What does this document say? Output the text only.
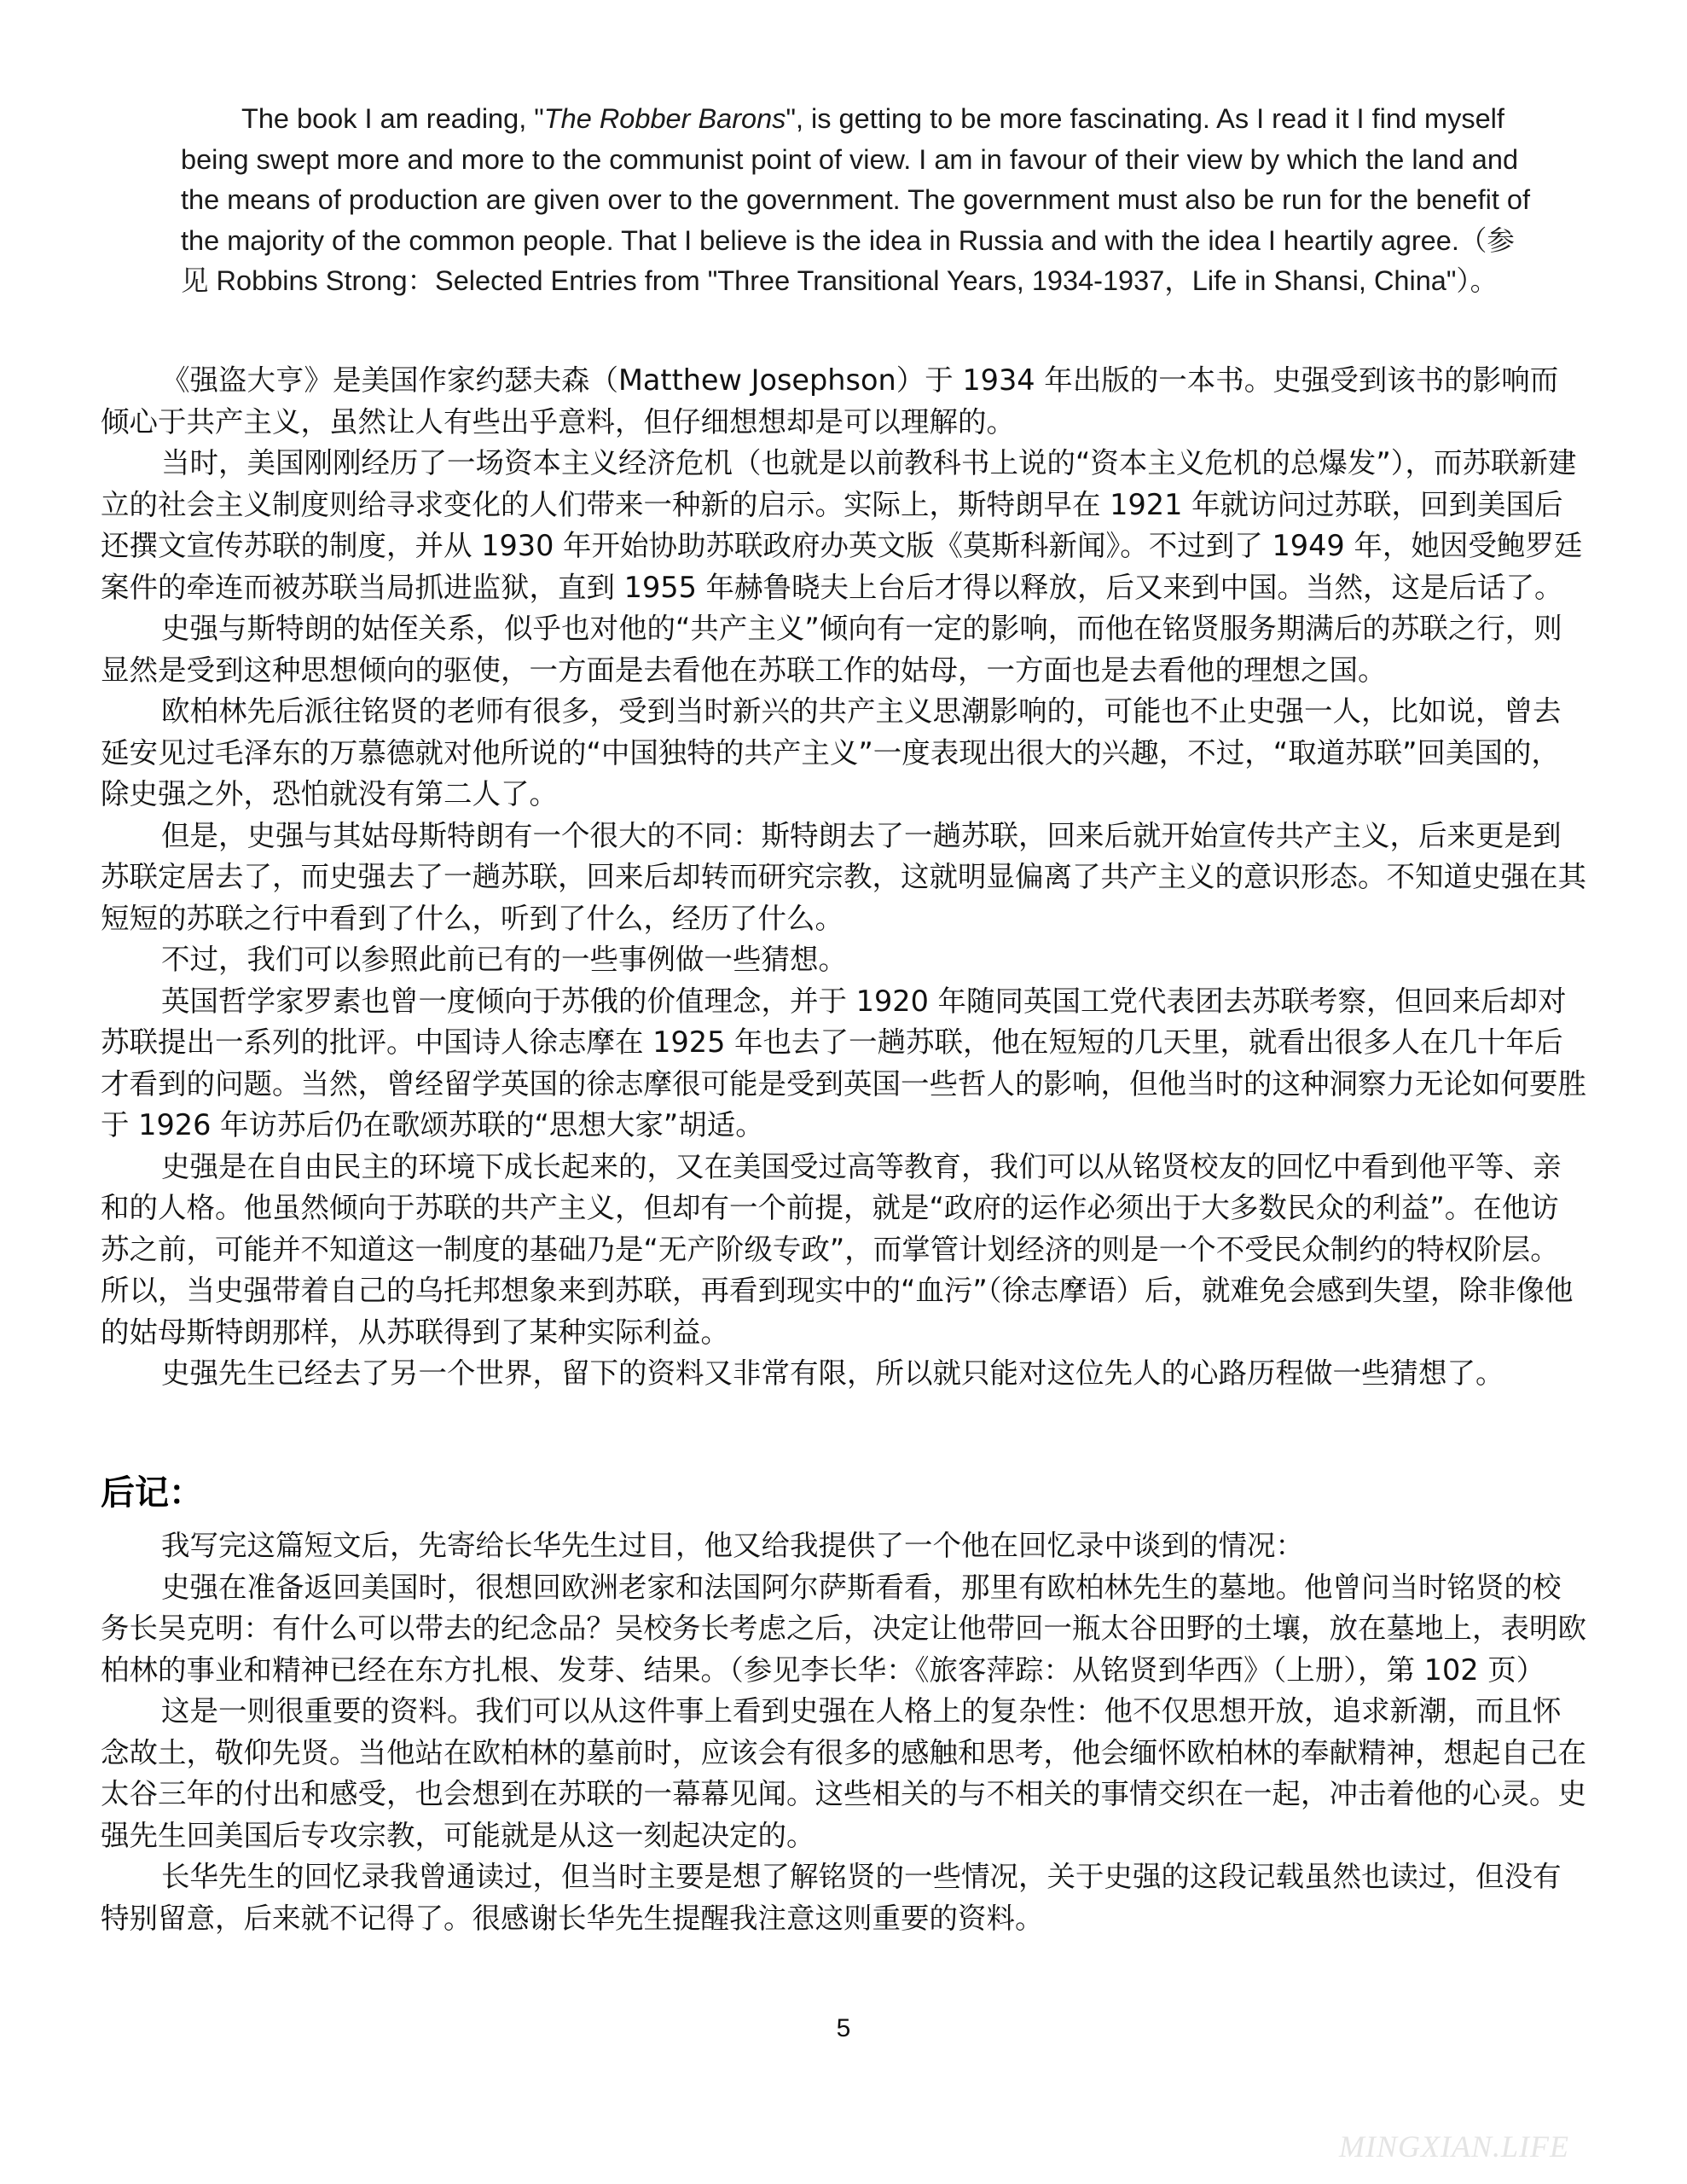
The book I am reading, "The Robber Barons", is getting to be more fascinating. As I read it I find myself being swept more and more to the communist point of view. I am in favour of their view by which the land and the means of production are given over to the government. The government must also be run for the benefit of the majority of the common people. That I believe is the idea in Russia and with the idea I heartily agree.（参见 Robbins Strong：Selected Entries from "Three Transitional Years, 1934-1937，Life in Shansi, China"）。

《强盗大亨》是美国作家约瑟夫森（Matthew Josephson）于 1934 年出版的一本书。史强受到该书的影响而倾心于共产主义，虽然让人有些出乎意料，但仔细想想却是可以理解的。

当时，美国刚刚经历了一场资本主义经济危机（也就是以前教科书上说的“资本主义危机的总爆发”），而苏联新建立的社会主义制度则给寻求变化的人们带来一种新的启示。实际上，斯特朗早在 1921 年就访问过苏联，回到美国后还撰文宣传苏联的制度，并从 1930 年开始协助苏联政府办英文版《莫斯科新闻》。不过到了 1949 年，她因受鲍罗廷案件的牵连而被苏联当局抓进监狱，直到 1955 年赫鲁晓夫上台后才得以释放，后又来到中国。当然，这是后话了。

史强与斯特朗的姑侄关系，似乎也对他的“共产主义”倾向有一定的影响，而他在铭贤服务期满后的苏联之行，则显然是受到这种思想倾向的驱使，一方面是去看他在苏联工作的姑母，一方面也是去看他的理想之国。

欧柏林先后派往铭贤的老师有很多，受到当时新兴的共产主义思潮影响的，可能也不止史强一人，比如说，曾去延安见过毛泽东的万慕德就对他所说的“中国独特的共产主义”一度表现出很大的兴趣，不过，“取道苏联”回美国的，除史强之外，恐怕就没有第二人了。

但是，史强与其姑母斯特朗有一个很大的不同：斯特朗去了一趟苏联，回来后就开始宣传共产主义，后来更是到苏联定居去了，而史强去了一趟苏联，回来后却转而研究宗教，这就明显偏离了共产主义的意识形态。不知道史强在其短短的苏联之行中看到了什么，听到了什么，经历了什么。

不过，我们可以参照此前已有的一些事例做一些猜想。

英国哲学家罗素也曾一度倾向于苏俄的价值理念，并于 1920 年随同英国工党代表团去苏联考察，但回来后却对苏联提出一系列的批评。中国诗人徐志摩在 1925 年也去了一趟苏联，他在短短的几天里，就看出很多人在几十年后才看到的问题。当然，曾经留学英国的徐志摩很可能是受到英国一些哲人的影响，但他当时的这种洞察力无论如何要胜于 1926 年访苏后仍在歌颂苏联的“思想大家”胡适。

史强是在自由民主的环境下成长起来的，又在美国受过高等教育，我们可以从铭贤校友的回忆中看到他平等、亲和的人格。他虽然倾向于苏联的共产主义，但却有一个前提，就是“政府的运作必须出于大多数民众的利益”。在他访苏之前，可能并不知道这一制度的基础乃是“无产阶级专政”，而掌管计划经济的则是一个不受民众制约的特权阶层。所以，当史强带着自己的乌托邦想象来到苏联，再看到现实中的“血污”（徐志摩语）后，就难免会感到失望，除非像他的姑母斯特朗那样，从苏联得到了某种实际利益。

史强先生已经去了另一个世界，留下的资料又非常有限，所以就只能对这位先人的心路历程做一些猜想了。

后记：

我写完这篇短文后，先寄给长华先生过目，他又给我提供了一个他在回忆录中谈到的情况：

史强在准备返回美国时，很想回欧洲老家和法国阿尔萨斯看看，那里有欧柏林先生的墓地。他曾问当时铭贤的校务长吴克明：有什么可以带去的纪念品？吴校务长考虑之后，决定让他带回一瓶太谷田野的土壤，放在墓地上，表明欧柏林的事业和精神已经在东方扎根、发芽、结果。（参见李长华：《旅客萍踪：从铭贤到华西》（上册），第 102 页）

这是一则很重要的资料。我们可以从这件事上看到史强在人格上的复杂性：他不仅思想开放，追求新潮，而且怀念故土，敬仰先贤。当他站在欧柏林的墓前时，应该会有很多的感触和思考，他会缅怀欧柏林的奉献精神，想起自己在太谷三年的付出和感受，也会想到在苏联的一幕幕见闻。这些相关的与不相关的事情交织在一起，冲击着他的心灵。史强先生回美国后专攻宗教，可能就是从这一刻起决定的。

长华先生的回忆录我曾通读过，但当时主要是想了解铭贤的一些情况，关于史强的这段记载虽然也读过，但没有特别留意，后来就不记得了。很感谢长华先生提醒我注意这则重要的资料。

5
MINGXIAN.LIFE
